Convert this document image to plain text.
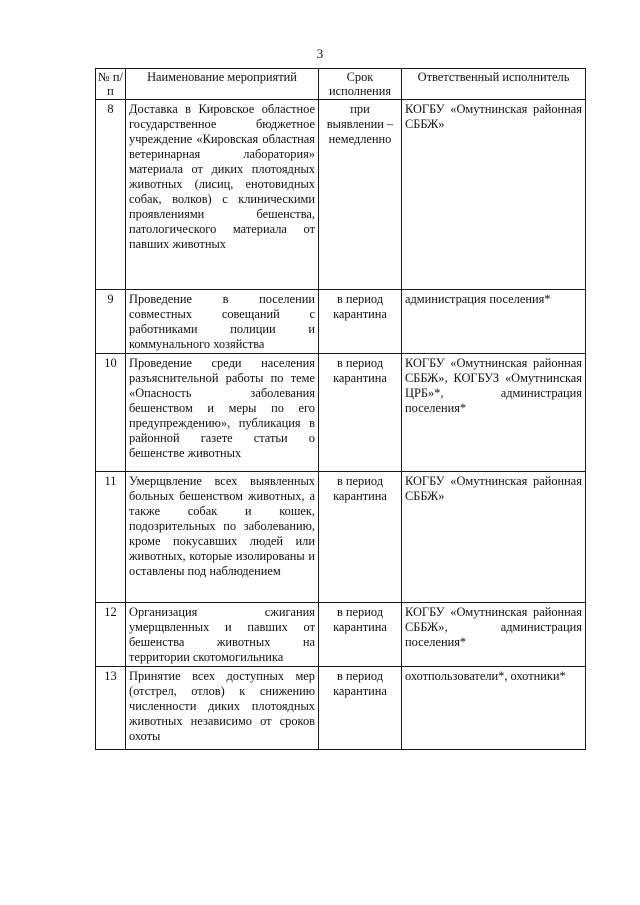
3
№ п/п	Наименование мероприятий	Срок исполнения	Ответственный исполнитель
8	Доставка в Кировское областное государственное бюджетное учреждение «Кировская областная ветеринарная лаборатория» материала от диких плотоядных животных (лисиц, енотовидных собак, волков) с клиническими проявлениями бешенства, патологического материала от павших животных	при выявлении – немедленно	КОГБУ «Омутнинская районная СББЖ»
9	Проведение в поселении совместных совещаний с работниками полиции и коммунального хозяйства	в период карантина	администрация поселения*
10	Проведение среди населения разъяснительной работы по теме «Опасность заболевания бешенством и меры по его предупреждению», публикация в районной газете статьи о бешенстве животных	в период карантина	КОГБУ «Омутнинская районная СББЖ», КОГБУЗ «Омутнинская ЦРБ»*, администрация поселения*
11	Умерщвление всех выявленных больных бешенством животных, а также собак и кошек, подозрительных по заболеванию, кроме покусавших людей или животных, которые изолированы и оставлены под наблюдением	в период карантина	КОГБУ «Омутнинская районная СББЖ»
12	Организация сжигания умерщвленных и павших от бешенства животных на территории скотомогильника	в период карантина	КОГБУ «Омутнинская районная СББЖ», администрация поселения*
13	Принятие всех доступных мер (отстрел, отлов) к снижению численности диких плотоядных животных независимо от сроков охоты	в период карантина	охотпользователи*, охотники*
